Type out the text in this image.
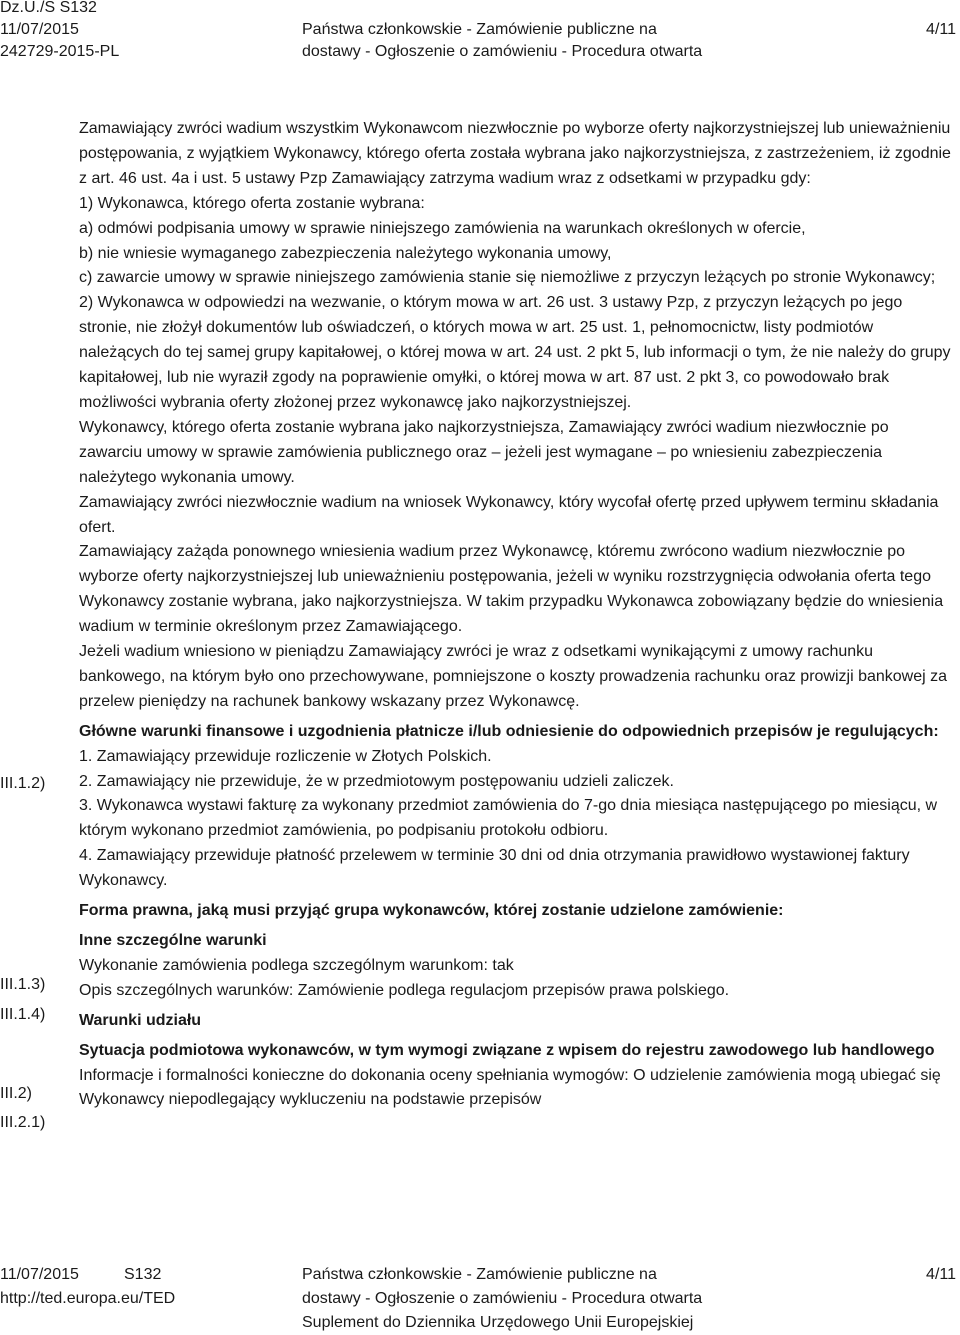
Dz.U./S S132
11/07/2015
242729-2015-PL
Państwa członkowskie - Zamówienie publiczne na
dostawy - Ogłoszenie o zamówieniu - Procedura otwarta
4/11
III.1.2)
III.1.3)
III.1.4)
III.2)
III.2.1)

Zamawiający zwróci wadium wszystkim Wykonawcom niezwłocznie po wyborze oferty najkorzystniejszej lub unieważnieniu postępowania, z wyjątkiem Wykonawcy, którego oferta została wybrana jako najkorzystniejsza, z zastrzeżeniem, iż zgodnie z art. 46 ust. 4a i ust. 5 ustawy Pzp Zamawiający zatrzyma wadium wraz z odsetkami w przypadku gdy:

1) Wykonawca, którego oferta zostanie wybrana:

a) odmówi podpisania umowy w sprawie niniejszego zamówienia na warunkach określonych w ofercie,

b) nie wniesie wymaganego zabezpieczenia należytego wykonania umowy,

c) zawarcie umowy w sprawie niniejszego zamówienia stanie się niemożliwe z przyczyn leżących po stronie Wykonawcy;

2) Wykonawca w odpowiedzi na wezwanie, o którym mowa w art. 26 ust. 3 ustawy Pzp, z przyczyn leżących po jego stronie, nie złożył dokumentów lub oświadczeń, o których mowa w art. 25 ust. 1, pełnomocnictw, listy podmiotów należących do tej samej grupy kapitałowej, o której mowa w art. 24 ust. 2 pkt 5, lub informacji o tym, że nie należy do grupy kapitałowej, lub nie wyraził zgody na poprawienie omyłki, o której mowa w art. 87 ust. 2 pkt 3, co powodowało brak możliwości wybrania oferty złożonej przez wykonawcę jako najkorzystniejszej.

Wykonawcy, którego oferta zostanie wybrana jako najkorzystniejsza, Zamawiający zwróci wadium niezwłocznie po zawarciu umowy w sprawie zamówienia publicznego oraz – jeżeli jest wymagane – po wniesieniu zabezpieczenia należytego wykonania umowy.

Zamawiający zwróci niezwłocznie wadium na wniosek Wykonawcy, który wycofał ofertę przed upływem terminu składania ofert.

Zamawiający zażąda ponownego wniesienia wadium przez Wykonawcę, któremu zwrócono wadium niezwłocznie po wyborze oferty najkorzystniejszej lub unieważnieniu postępowania, jeżeli w wyniku rozstrzygnięcia odwołania oferta tego Wykonawcy zostanie wybrana, jako najkorzystniejsza. W takim przypadku Wykonawca zobowiązany będzie do wniesienia wadium w terminie określonym przez Zamawiającego.

Jeżeli wadium wniesiono w pieniądzu Zamawiający zwróci je wraz z odsetkami wynikającymi z umowy rachunku bankowego, na którym było ono przechowywane, pomniejszone o koszty prowadzenia rachunku oraz prowizji bankowej za przelew pieniędzy na rachunek bankowy wskazany przez Wykonawcę.

Główne warunki finansowe i uzgodnienia płatnicze i/lub odniesienie do odpowiednich przepisów je regulujących:

1. Zamawiający przewiduje rozliczenie w Złotych Polskich.

2. Zamawiający nie przewiduje, że w przedmiotowym postępowaniu udzieli zaliczek.

3. Wykonawca wystawi fakturę za wykonany przedmiot zamówienia do 7-go dnia miesiąca następującego po miesiącu, w którym wykonano przedmiot zamówienia, po podpisaniu protokołu odbioru.

4. Zamawiający przewiduje płatność przelewem w terminie 30 dni od dnia otrzymania prawidłowo wystawionej faktury Wykonawcy.

Forma prawna, jaką musi przyjąć grupa wykonawców, której zostanie udzielone zamówienie:

Inne szczególne warunki

Wykonanie zamówienia podlega szczególnym warunkom: tak

Opis szczególnych warunków: Zamówienie podlega regulacjom przepisów prawa polskiego.

Warunki udziału

Sytuacja podmiotowa wykonawców, w tym wymogi związane z wpisem do rejestru zawodowego lub handlowego

Informacje i formalności konieczne do dokonania oceny spełniania wymogów: O udzielenie zamówienia mogą ubiegać się Wykonawcy niepodlegający wykluczeniu na podstawie przepisów

11/07/2015	S132
http://ted.europa.eu/TED
Państwa członkowskie - Zamówienie publiczne na
dostawy - Ogłoszenie o zamówieniu - Procedura otwarta
Suplement do Dziennika Urzędowego Unii Europejskiej
4/11
